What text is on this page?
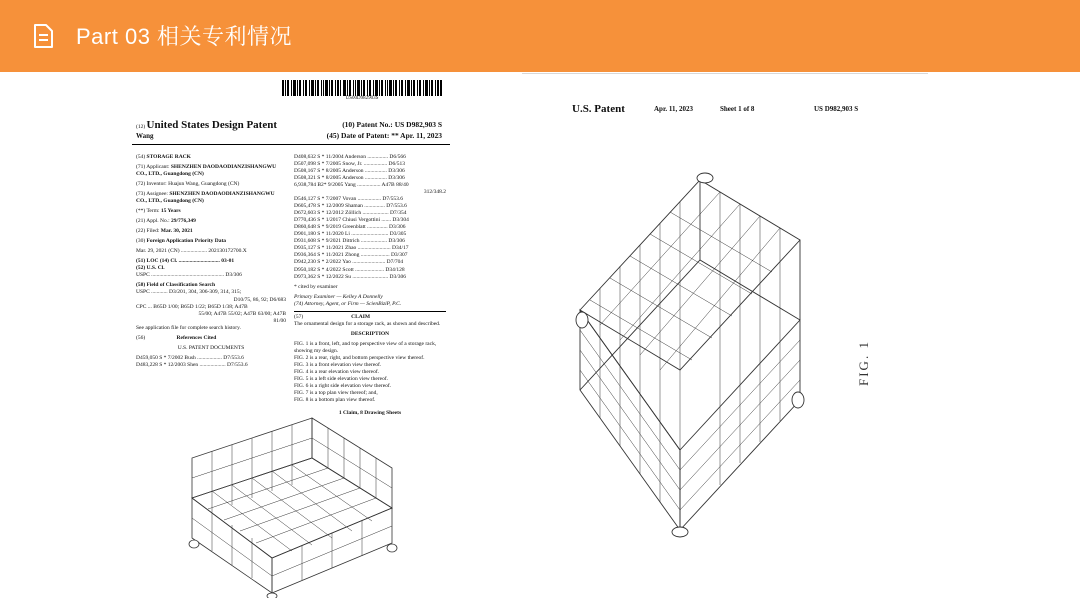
Part 03 相关专利情况
US00D982903S
(12) United States Design Patent
Wang
(10) Patent No.: US D982,903 S
(45) Date of Patent: ** Apr. 11, 2023
(54) STORAGE RACK
(71) Applicant: SHENZHEN DAODAODIANZISHANGWU CO., LTD., Guangdong (CN)
(72) Inventor: Huajun Wang, Guangdong (CN)
(73) Assignee: SHENZHEN DAODAODIANZISHANGWU CO., LTD., Guangdong (CN)
(**) Term: 15 Years
(21) Appl. No.: 29/776,349
(22) Filed: Mar. 30, 2021
(30) Foreign Application Priority Data
Mar. 29, 2021 (CN) ................... 202130172700.X
(51) LOC (14) Cl. .............................. 03-01
(52) U.S. Cl.
USPC ..................................................... D3/306
(58) Field of Classification Search
USPC ............ D3/201, 304, 306-309, 314, 315;
D10/75, 86, 92; D6/683
CPC ... B65D 1/00; B65D 1/22; B65D 1/38; A47B
55/00; A47B 55/02; A47B 63/00; A47B
81/00
See application file for complete search history.
(56)	References Cited
U.S. PATENT DOCUMENTS
D459,050 S * 7/2002 Bush .................. D7/553.6
D483,228 S * 12/2003 Shen ................... D7/553.6
D408,632 S * 11/2004 Anderson ............... D6/566
D507,098 S * 7/2005 Snow, Jr. ................. D6/513
D508,167 S * 8/2005 Anderson ................ D3/306
D508,321 S * 8/2005 Anderson ................ D3/306
6,938,784 B2* 9/2005 Yang ................. A47B 88/40
312/348.2
D546,127 S * 7/2007 Vovan ................. D7/553.6
D605,478 S * 12/2009 Shaman ............... D7/553.6
D672,603 S * 12/2012 Zöllich ................... D7/354
D770,436 S * 1/2017 Chiusi Vergottini ....... D3/304
D860,648 S * 9/2019 Greenblatt ............... D3/306
D901,180 S * 11/2020 Li ........................... D3/305
D931,608 S * 9/2021 Dittrich ................... D3/306
D935,127 S * 11/2021 Zhao ........................ D34/17
D936,364 S * 11/2021 Zhong ..................... D3/307
D942,230 S * 2/2022 Yao ........................ D7/704
D950,182 S * 4/2022 Scott ..................... D34/128
D973,362 S * 12/2022 Su .......................... D3/306
* cited by examiner
Primary Examiner — Kelley A Donnelly
(74) Attorney, Agent, or Firm — ScienBiziP, P.C.
(57)	CLAIM
The ornamental design for a storage rack, as shown and described.
DESCRIPTION
FIG. 1 is a front, left, and top perspective view of a storage rack, showing my design.
FIG. 2 is a rear, right, and bottom perspective view thereof.
FIG. 3 is a front elevation view thereof.
FIG. 4 is a rear elevation view thereof.
FIG. 5 is a left side elevation view thereof.
FIG. 6 is a right side elevation view thereof.
FIG. 7 is a top plan view thereof; and,
FIG. 8 is a bottom plan view thereof.
1 Claim, 8 Drawing Sheets
U.S. Patent	Apr. 11, 2023	Sheet 1 of 8	US D982,903 S
FIG. 1
